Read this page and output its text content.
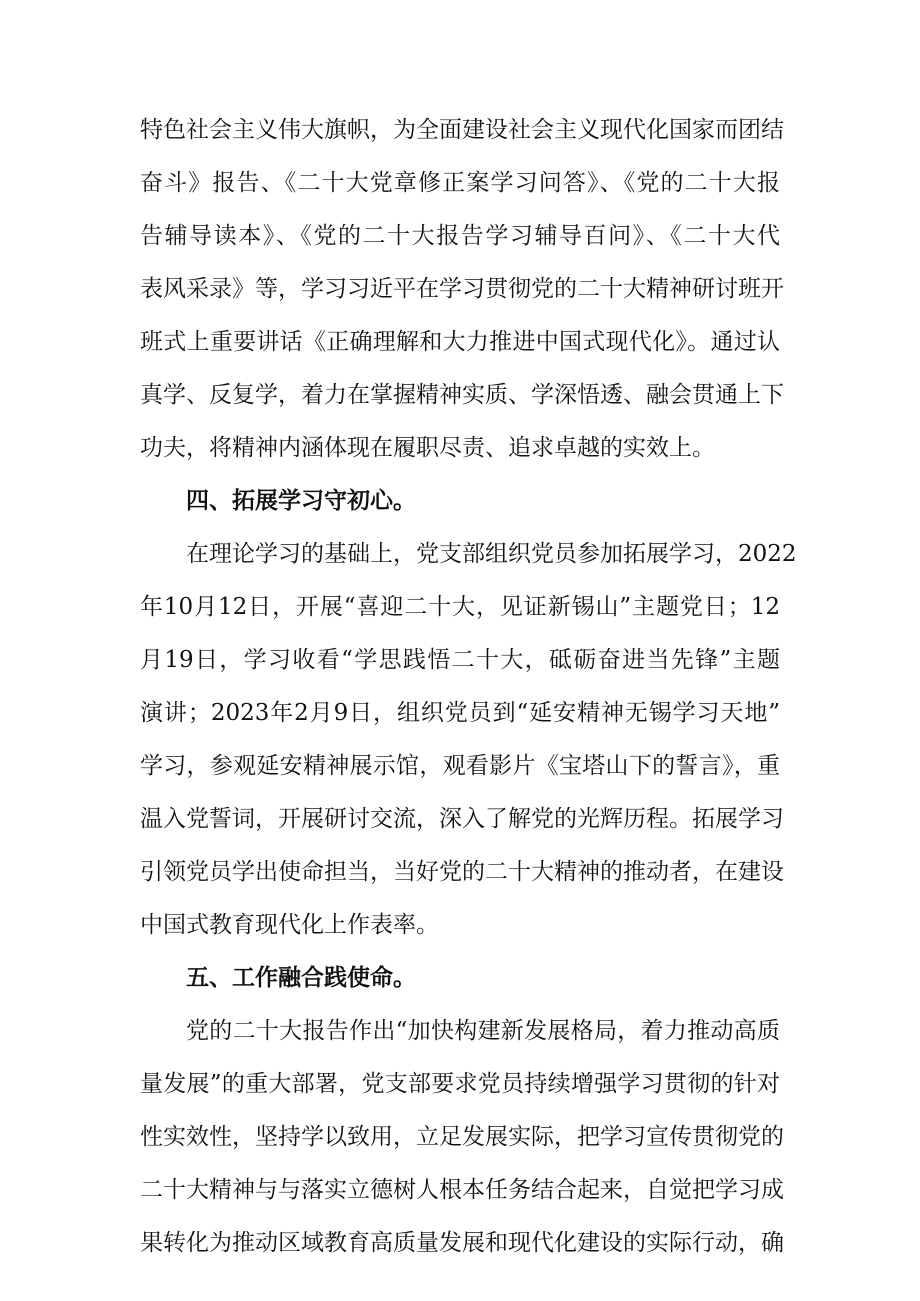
特色社会主义伟大旗帜，为全面建设社会主义现代化国家而团结
奋斗》报告、《二十大党章修正案学习问答》、《党的二十大报
告辅导读本》、《党的二十大报告学习辅导百问》、《二十大代
表风采录》等，学习习近平在学习贯彻党的二十大精神研讨班开
班式上重要讲话《正确理解和大力推进中国式现代化》。通过认
真学、反复学，着力在掌握精神实质、学深悟透、融会贯通上下
功夫，将精神内涵体现在履职尽责、追求卓越的实效上。
四、拓展学习守初心。
在理论学习的基础上，党支部组织党员参加拓展学习，2022
年10月12日，开展“喜迎二十大，见证新锡山”主题党日；12
月19日，学习收看“学思践悟二十大，砥砺奋进当先锋”主题
演讲；2023年2月9日，组织党员到“延安精神无锡学习天地”
学习，参观延安精神展示馆，观看影片《宝塔山下的誓言》，重
温入党誓词，开展研讨交流，深入了解党的光辉历程。拓展学习
引领党员学出使命担当，当好党的二十大精神的推动者，在建设
中国式教育现代化上作表率。
五、工作融合践使命。
党的二十大报告作出“加快构建新发展格局，着力推动高质
量发展”的重大部署，党支部要求党员持续增强学习贯彻的针对
性实效性，坚持学以致用，立足发展实际，把学习宣传贯彻党的
二十大精神与与落实立德树人根本任务结合起来，自觉把学习成
果转化为推动区域教育高质量发展和现代化建设的实际行动，确
